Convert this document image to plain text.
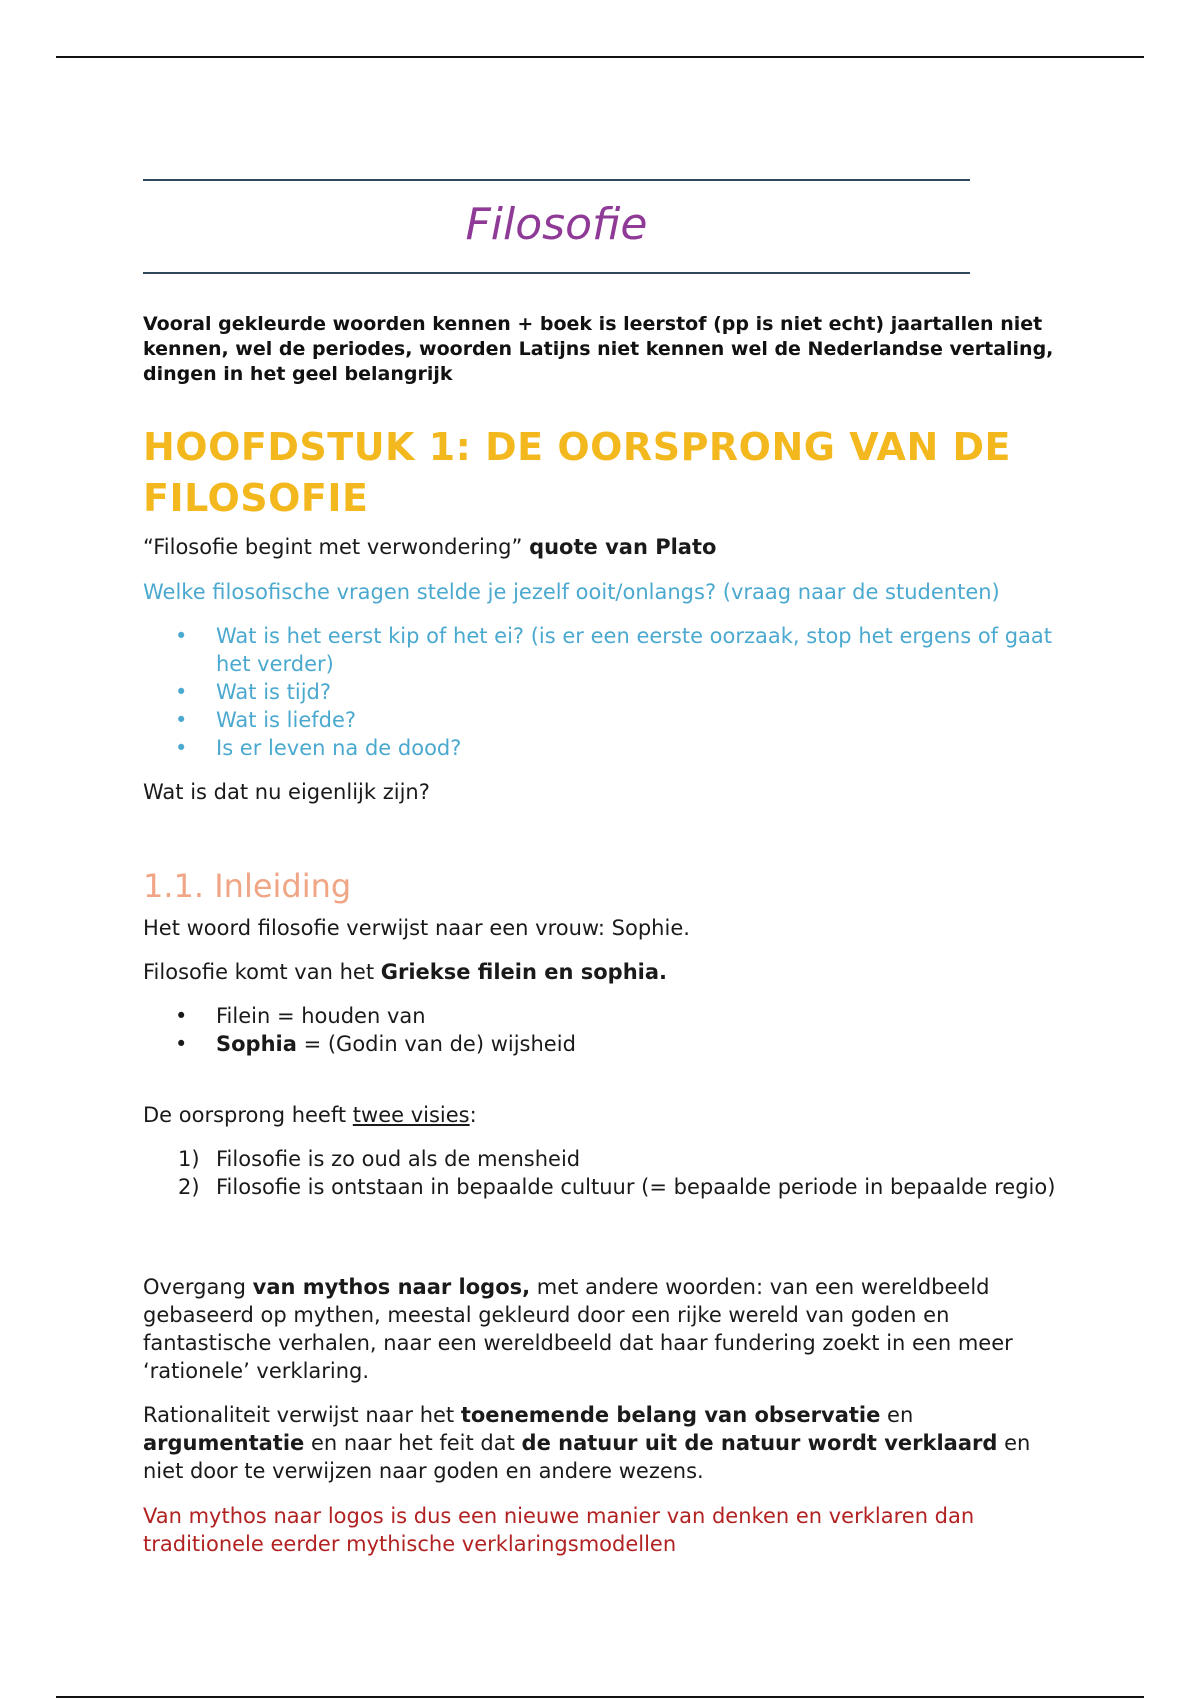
Filosofie
Vooral gekleurde woorden kennen + boek is leerstof (pp is niet echt) jaartallen niet kennen, wel de periodes, woorden Latijns niet kennen wel de Nederlandse vertaling, dingen in het geel belangrijk
HOOFDSTUK 1: DE OORSPRONG VAN DE FILOSOFIE
“Filosofie begint met verwondering” quote van Plato
Welke filosofische vragen stelde je jezelf ooit/onlangs? (vraag naar de studenten)
• Wat is het eerst kip of het ei? (is er een eerste oorzaak, stop het ergens of gaat het verder)
• Wat is tijd?
• Wat is liefde?
• Is er leven na de dood?
Wat is dat nu eigenlijk zijn?
1.1. Inleiding
Het woord filosofie verwijst naar een vrouw: Sophie.
Filosofie komt van het Griekse filein en sophia.
• Filein = houden van
• Sophia = (Godin van de) wijsheid
De oorsprong heeft twee visies:
1) Filosofie is zo oud als de mensheid
2) Filosofie is ontstaan in bepaalde cultuur (= bepaalde periode in bepaalde regio)
Overgang van mythos naar logos, met andere woorden: van een wereldbeeld gebaseerd op mythen, meestal gekleurd door een rijke wereld van goden en fantastische verhalen, naar een wereldbeeld dat haar fundering zoekt in een meer ‘rationele’ verklaring.
Rationaliteit verwijst naar het toenemende belang van observatie en argumentatie en naar het feit dat de natuur uit de natuur wordt verklaard en niet door te verwijzen naar goden en andere wezens.
Van mythos naar logos is dus een nieuwe manier van denken en verklaren dan traditionele eerder mythische verklaringsmodellen
